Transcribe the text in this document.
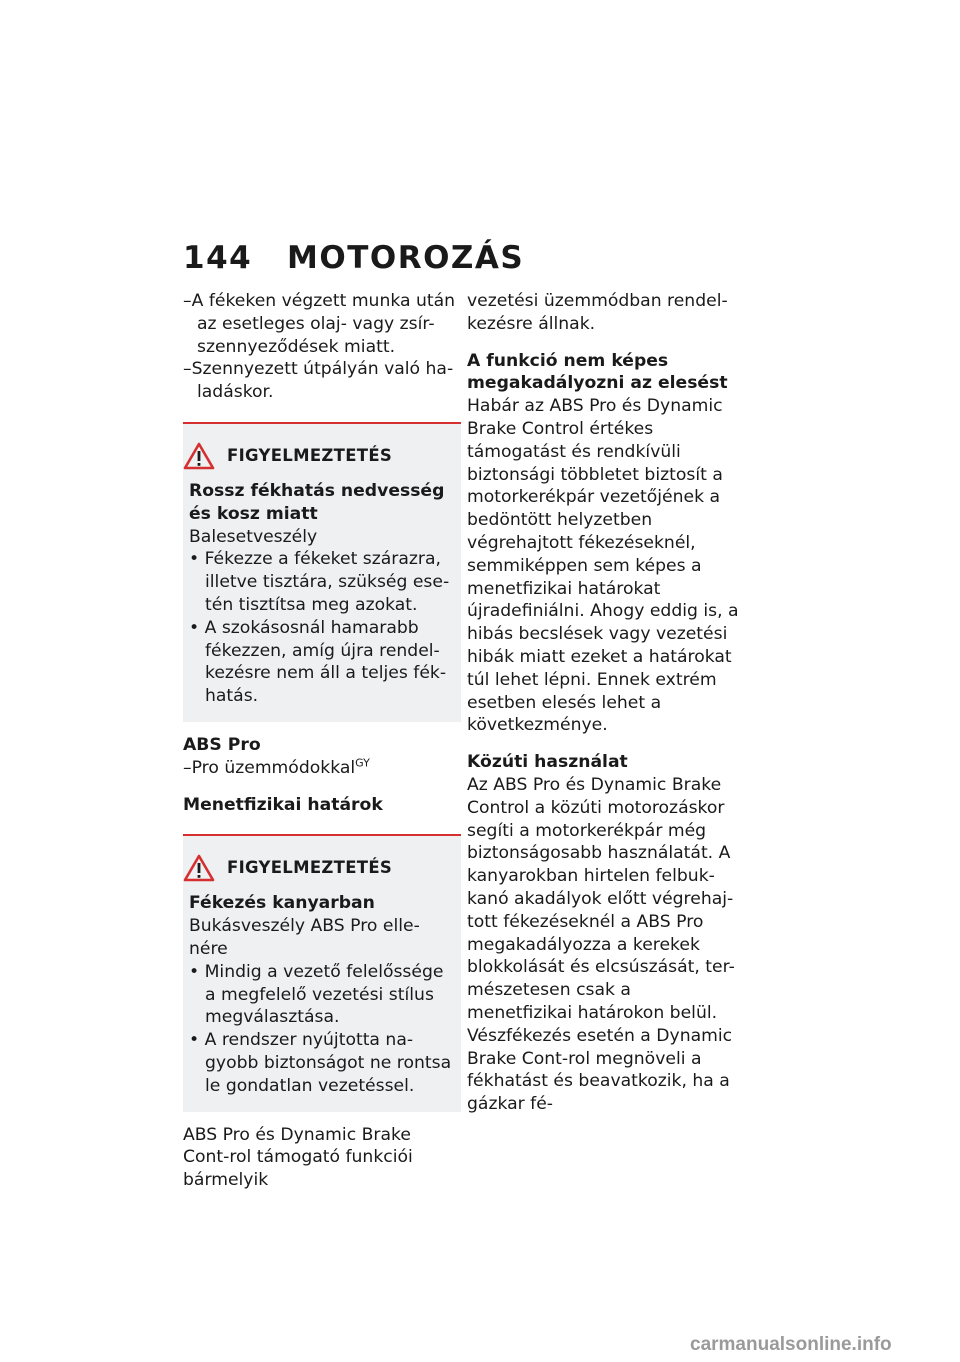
144 MOTOROZÁS

–A fékeken végzett munka után az esetleges olaj- vagy zsír-szennyeződések miatt.

–Szennyezett útpályán való ha-ladáskor.

FIGYELMEZTETÉS

Rossz fékhatás nedvesség és kosz miatt

Balesetveszély

• Fékezze a fékeket szárazra, illetve tisztára, szükség ese-tén tisztítsa meg azokat.

• A szokásosnál hamarabb fékezzen, amíg újra rendel-kezésre nem áll a teljes fék-hatás.

ABS Pro

–Pro üzemmódokkal$^{GY}$

Menetfizikai határok

FIGYELMEZTETÉS

Fékezés kanyarban

Bukásveszély ABS Pro elle-nére

• Mindig a vezető felelőssége a megfelelő vezetési stílus megválasztása.

• A rendszer nyújtotta na-gyobb biztonságot ne rontsa le gondatlan vezetéssel.

ABS Pro és Dynamic Brake Cont-rol támogató funkciói bármelyik

vezetési üzemmódban rendel-kezésre állnak.

A funkció nem képes megakadályozni az elesést

Habár az ABS Pro és Dynamic Brake Control értékes támogatást és rendkívüli biztonsági többletet biztosít a motorkerékpár vezetőjének a bedöntött helyzetben végrehajtott fékezéseknél, semmiképpen sem képes a menetfizikai határokat újradefiniálni. Ahogy eddig is, a hibás becslések vagy vezetési hibák miatt ezeket a határokat túl lehet lépni. Ennek extrém esetben elesés lehet a következménye.

Közúti használat

Az ABS Pro és Dynamic Brake Control a közúti motorozáskor segíti a motorkerékpár még biztonságosabb használatát. A kanyarokban hirtelen felbuk-kanó akadályok előtt végrehaj-tott fékezéseknél a ABS Pro megakadályozza a kerekek blokkolását és elcsúszását, ter-mészetesen csak a menetfizikai határokon belül. Vészfékezés esetén a Dynamic Brake Cont-rol megnöveli a fékhatást és beavatkozik, ha a gázkar fé-

carmanualsonline.info
